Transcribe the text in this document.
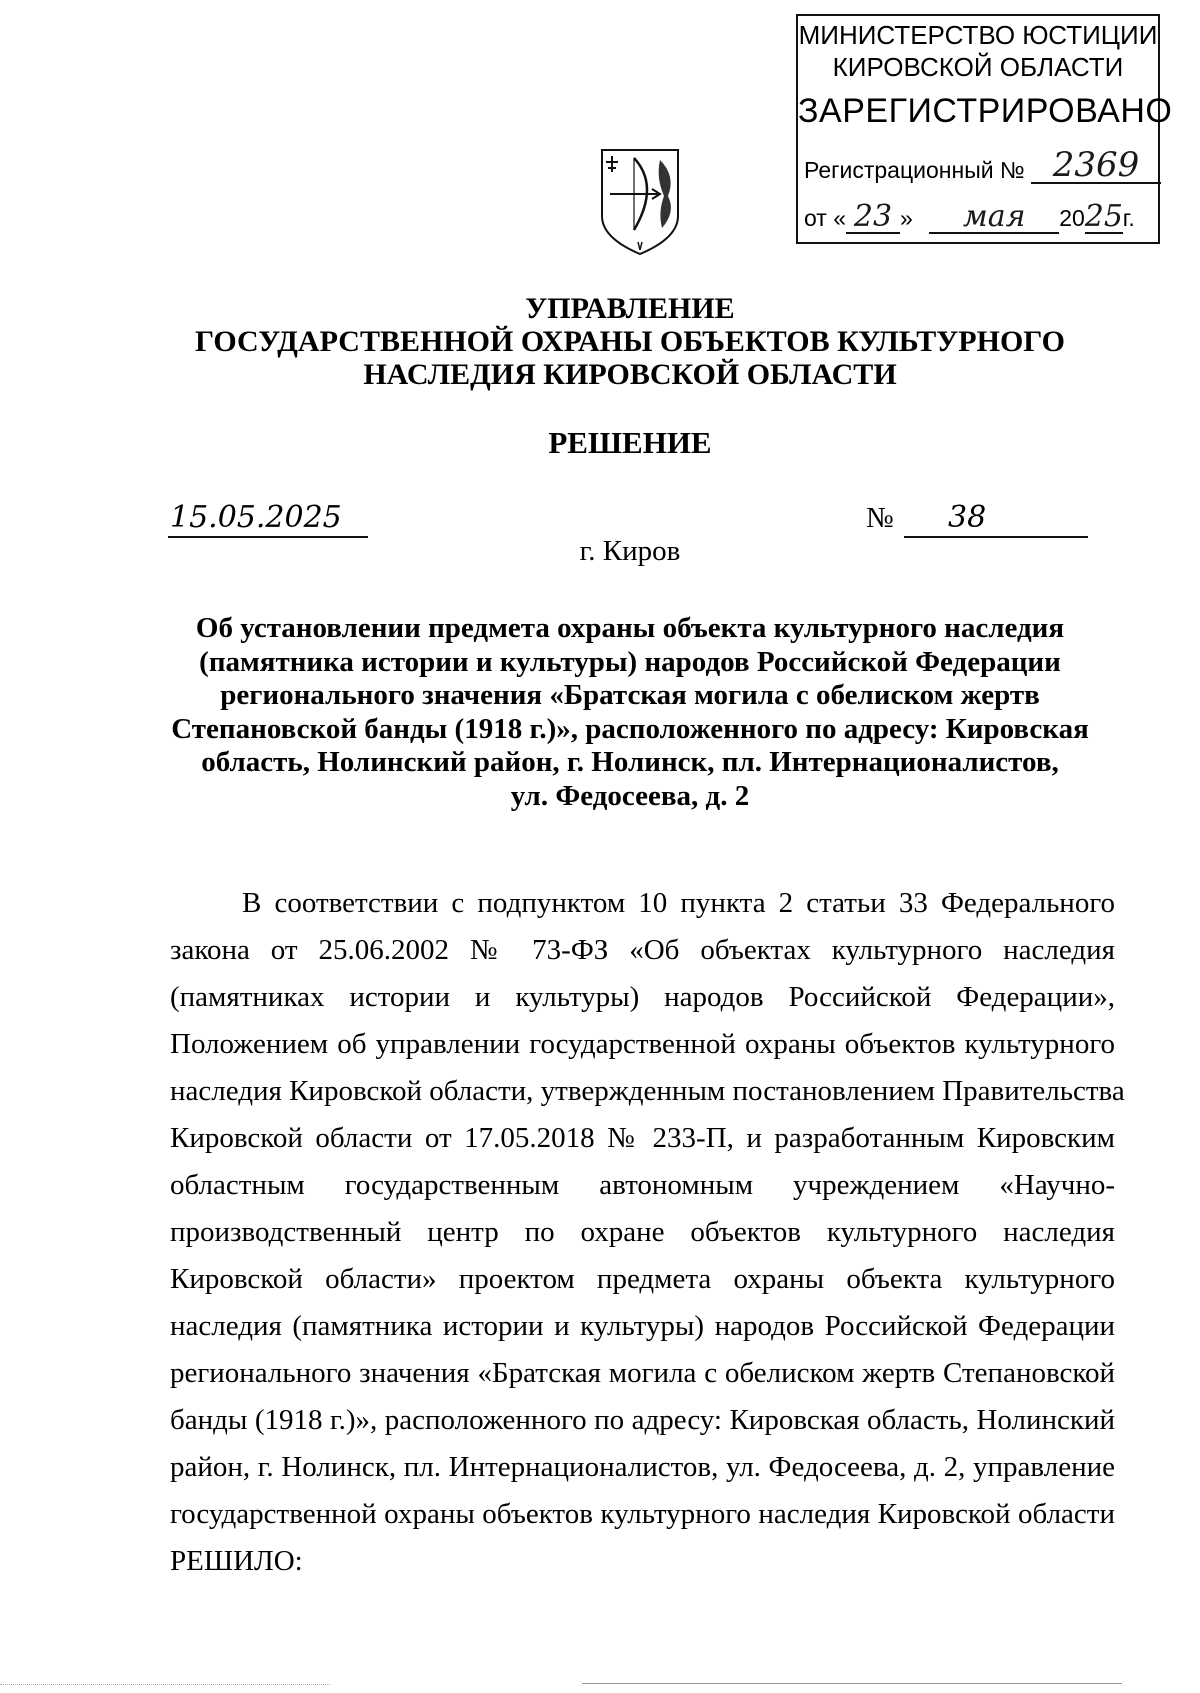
МИНИСТЕРСТВО ЮСТИЦИИ
КИРОВСКОЙ ОБЛАСТИ
ЗАРЕГИСТРИРОВАНО
Регистрационный № 2369
от « 23 » мая 2025г.
УПРАВЛЕНИЕ
ГОСУДАРСТВЕННОЙ ОХРАНЫ ОБЪЕКТОВ КУЛЬТУРНОГО
НАСЛЕДИЯ КИРОВСКОЙ ОБЛАСТИ
РЕШЕНИЕ
15.05.2025	№	38
г. Киров
Об установлении предмета охраны объекта культурного наследия
(памятника истории и культуры) народов Российской Федерации
регионального значения «Братская могила с обелиском жертв
Степановской банды (1918 г.)», расположенного по адресу: Кировская
область, Нолинский район, г. Нолинск, пл. Интернационалистов,
ул. Федосеева, д. 2
В соответствии с подпунктом 10 пункта 2 статьи 33 Федерального
закона от 25.06.2002 № 73-ФЗ «Об объектах культурного наследия
(памятниках истории и культуры) народов Российской Федерации»,
Положением об управлении государственной охраны объектов культурного
наследия Кировской области, утвержденным постановлением Правительства
Кировской области от 17.05.2018 № 233-П, и разработанным Кировским
областным государственным автономным учреждением «Научно-
производственный центр по охране объектов культурного наследия
Кировской области» проектом предмета охраны объекта культурного
наследия (памятника истории и культуры) народов Российской Федерации
регионального значения «Братская могила с обелиском жертв Степановской
банды (1918 г.)», расположенного по адресу: Кировская область, Нолинский
район, г. Нолинск, пл. Интернационалистов, ул. Федосеева, д. 2, управление
государственной охраны объектов культурного наследия Кировской области
РЕШИЛО:
